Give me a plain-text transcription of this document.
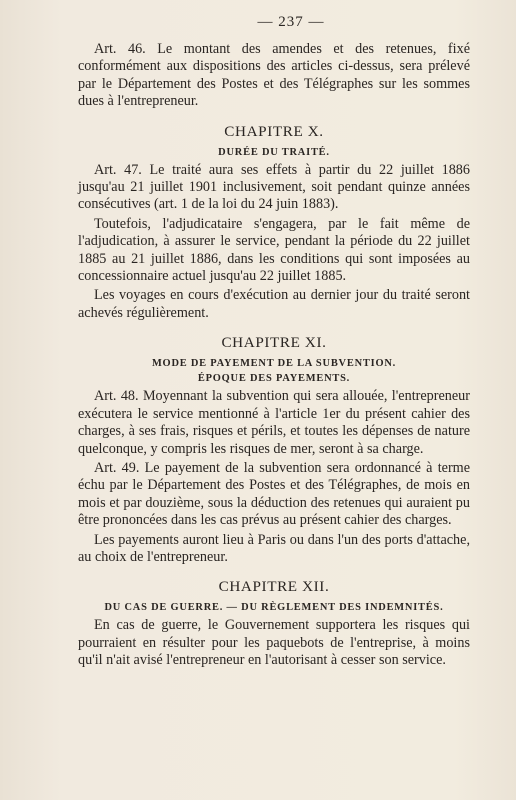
— 237 —

Art. 46. Le montant des amendes et des retenues, fixé conformément aux dispositions des articles ci-dessus, sera prélevé par le Département des Postes et des Télégraphes sur les sommes dues à l'entrepreneur.

CHAPITRE X.
DURÉE DU TRAITÉ.

Art. 47. Le traité aura ses effets à partir du 22 juillet 1886 jusqu'au 21 juillet 1901 inclusivement, soit pendant quinze années consécutives (art. 1 de la loi du 24 juin 1883).

Toutefois, l'adjudicataire s'engagera, par le fait même de l'adjudication, à assurer le service, pendant la période du 22 juillet 1885 au 21 juillet 1886, dans les conditions qui sont imposées au concessionnaire actuel jusqu'au 22 juillet 1885.

Les voyages en cours d'exécution au dernier jour du traité seront achevés régulièrement.

CHAPITRE XI.
MODE DE PAYEMENT DE LA SUBVENTION.
ÉPOQUE DES PAYEMENTS.

Art. 48. Moyennant la subvention qui sera allouée, l'entrepreneur exécutera le service mentionné à l'article 1er du présent cahier des charges, à ses frais, risques et périls, et toutes les dépenses de nature quelconque, y compris les risques de mer, seront à sa charge.

Art. 49. Le payement de la subvention sera ordonnancé à terme échu par le Département des Postes et des Télégraphes, de mois en mois et par douzième, sous la déduction des retenues qui auraient pu être prononcées dans les cas prévus au présent cahier des charges.

Les payements auront lieu à Paris ou dans l'un des ports d'attache, au choix de l'entrepreneur.

CHAPITRE XII.
DU CAS DE GUERRE. — DU RÈGLEMENT DES INDEMNITÉS.

En cas de guerre, le Gouvernement supportera les risques qui pourraient en résulter pour les paquebots de l'entreprise, à moins qu'il n'ait avisé l'entrepreneur en l'autorisant à cesser son service.
